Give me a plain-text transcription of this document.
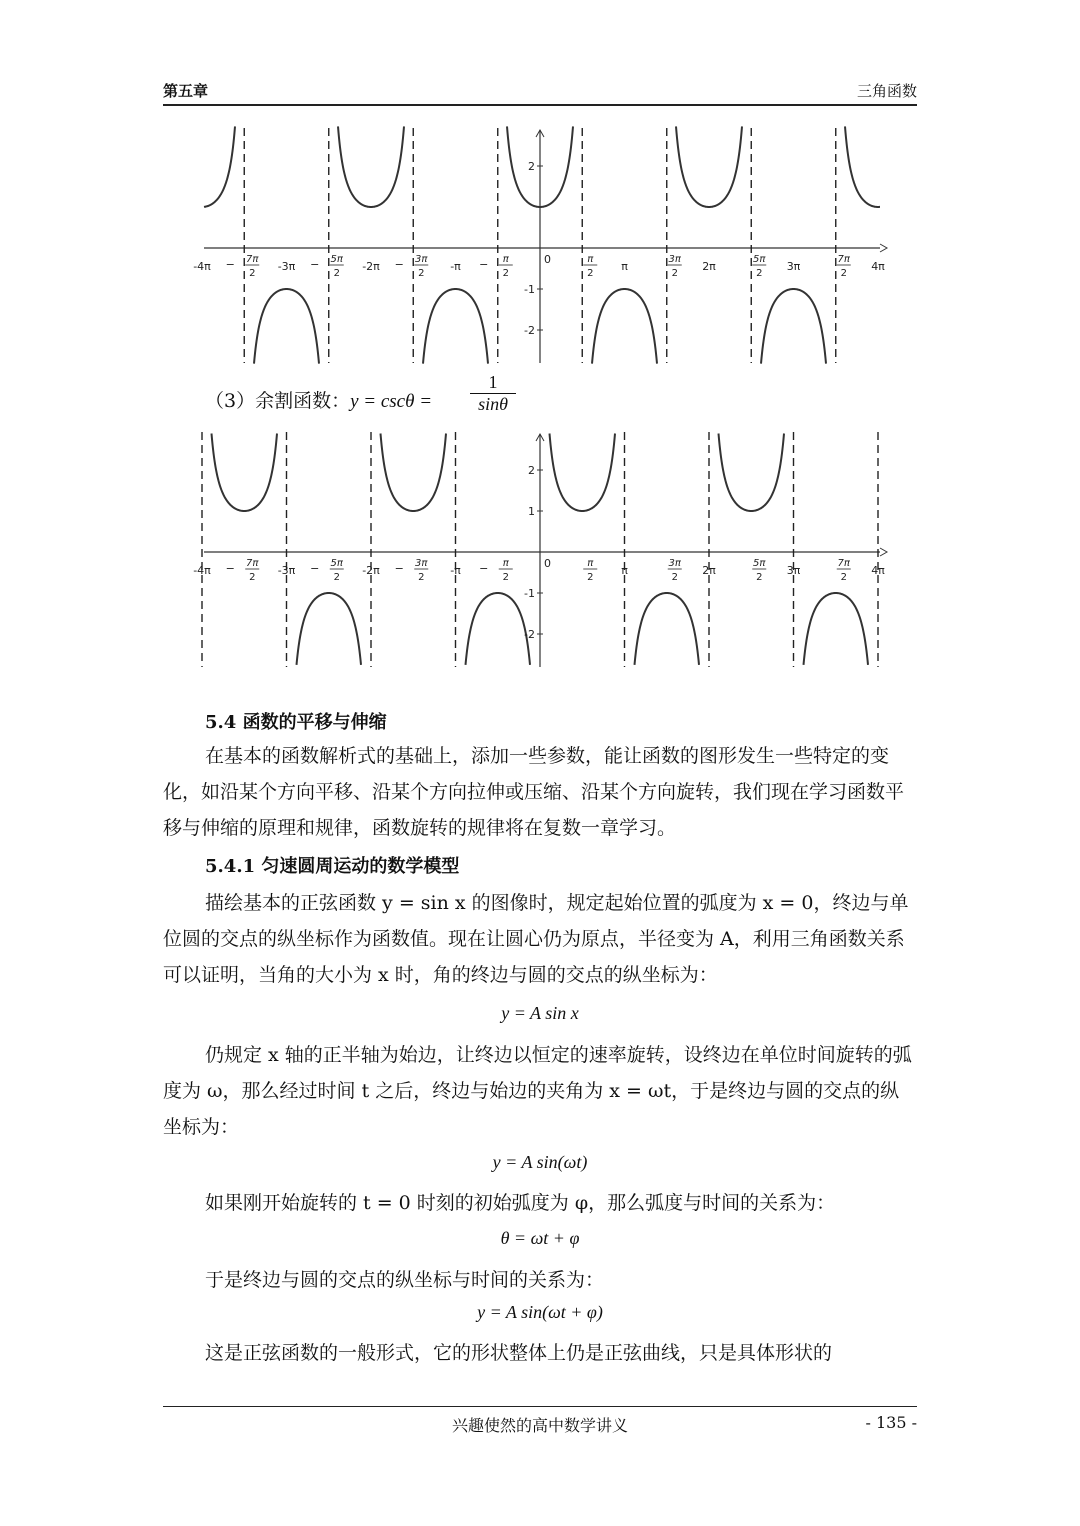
第五章	三角函数
-4π	-3π	-2π	-π	π	2π	3π	4π
− 7π
2
− 5π
2
− 3π
2
− π
2
π
2
3π
2
5π
2
7π
2
2
-1
-2
0
（3）余割函数：$y = \csc\theta = \frac{1}{\sin\theta}$
-4π	-3π	-2π	-π	π	2π	3π	4π
− 7π
2
− 5π
2
− 3π
2
− π
2
π
2
3π
2
5π
2
7π
2
2
1
-1
-2
0
5.4 函数的平移与伸缩
在基本的函数解析式的基础上，添加一些参数，能让函数的图形发生一些特定的变化，如沿某个方向平移、沿某个方向拉伸或压缩、沿某个方向旋转，我们现在学习函数平移与伸缩的原理和规律，函数旋转的规律将在复数一章学习。
5.4.1 匀速圆周运动的数学模型
描绘基本的正弦函数 y = sin x 的图像时，规定起始位置的弧度为 x = 0，终边与单位圆的交点的纵坐标作为函数值。现在让圆心仍为原点，半径变为 A，利用三角函数关系可以证明，当角的大小为 x 时，角的终边与圆的交点的纵坐标为：
y = A sin x
仍规定 x 轴的正半轴为始边，让终边以恒定的速率旋转，设终边在单位时间旋转的弧度为 ω，那么经过时间 t 之后，终边与始边的夹角为 x = ωt，于是终边与圆的交点的纵坐标为：
y = A sin(ωt)
如果刚开始旋转的 t = 0 时刻的初始弧度为 φ，那么弧度与时间的关系为：
θ = ωt + φ
于是终边与圆的交点的纵坐标与时间的关系为：
y = A sin(ωt + φ)
这是正弦函数的一般形式，它的形状整体上仍是正弦曲线，只是具体形状的
兴趣使然的高中数学讲义	- 135 -
